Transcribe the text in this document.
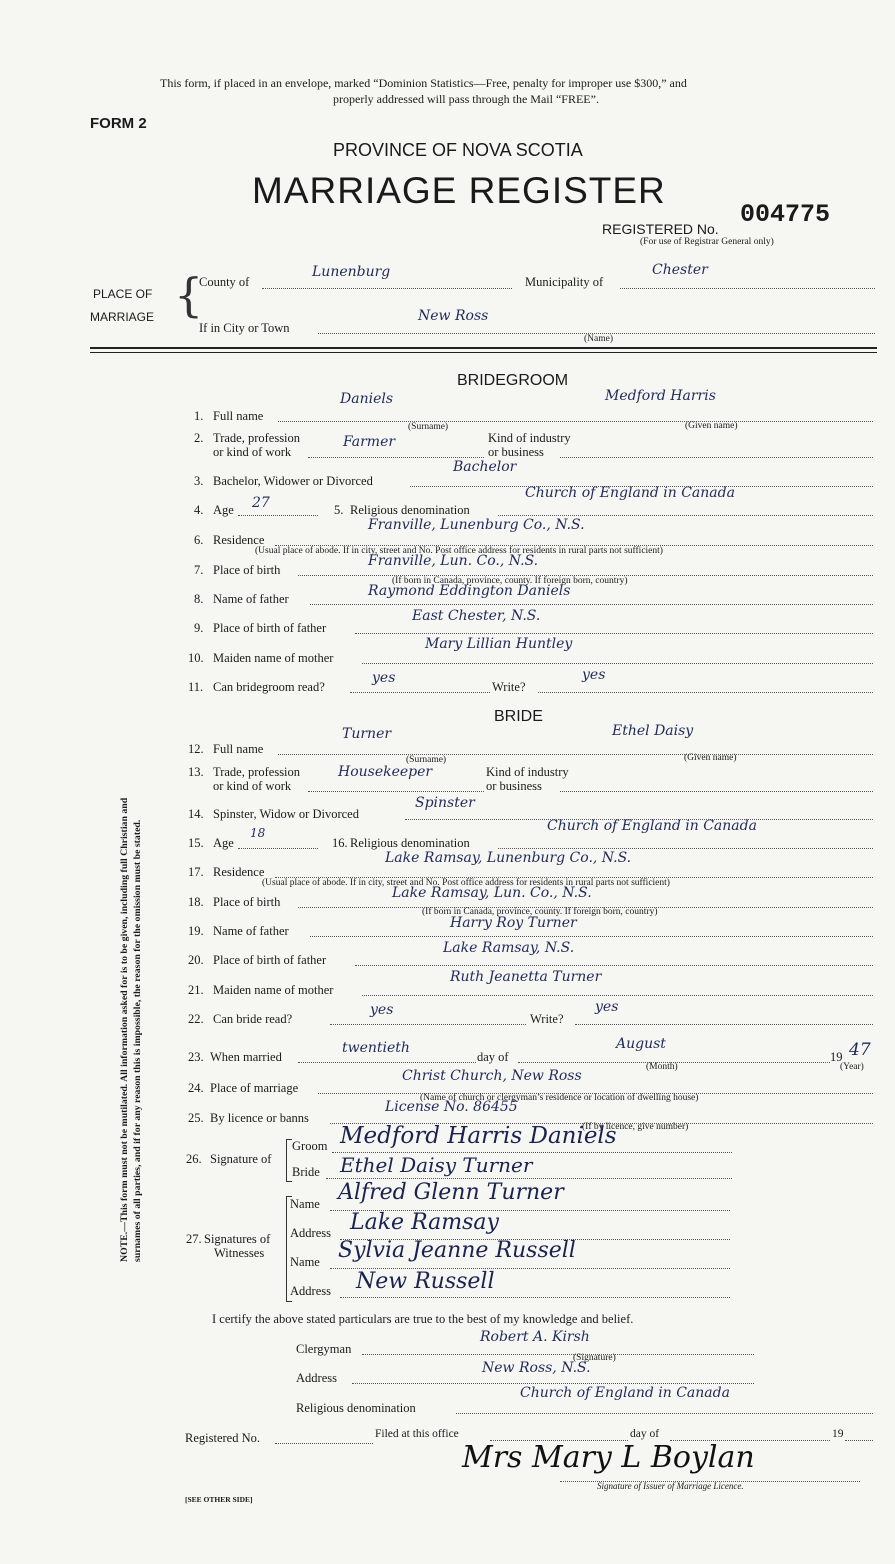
This form, if placed in an envelope, marked “Dominion Statistics—Free, penalty for improper use $300,” and
properly addressed will pass through the Mail “FREE”.
FORM 2
PROVINCE OF NOVA SCOTIA
MARRIAGE REGISTER
REGISTERED No. 004775
(For use of Registrar General only)
PLACE OF
MARRIAGE {
County of
Lunenburg
Municipality of
Chester
If in City or Town
New Ross
(Name)
BRIDEGROOM
1. Full name
Daniels	Medford Harris
(Surname)	(Given name)
2. Trade, profession
or kind of work
Farmer	Kind of industry
or business
3. Bachelor, Widower or Divorced
Bachelor
4. Age 27	5. Religious denomination
Church of England in Canada
6. Residence
Franville, Lunenburg Co., N.S.
(Usual place of abode. If in city, street and No. Post office address for residents in rural parts not sufficient)
7. Place of birth
Franville, Lun. Co., N.S.
(If born in Canada, province, county. If foreign born, country)
8. Name of father	Raymond Eddington Daniels
9. Place of birth of father
East Chester, N.S.
10. Maiden name of mother
Mary Lillian Huntley
11. Can bridegroom read?
yes
Write?
yes
BRIDE
12. Full name
Turner	Ethel Daisy
(Surname)	(Given name)
13. Trade, profession
or kind of work
Housekeeper	Kind of industry
or business
14. Spinster, Widow or Divorced
Spinster
15. Age
18
16. Religious denomination
Church of England in Canada
17. Residence
Lake Ramsay, Lunenburg Co., N.S.
(Usual place of abode. If in city, street and No. Post office address for residents in rural parts not sufficient)
18. Place of birth
Lake Ramsay, Lun. Co., N.S.
(If born in Canada, province, county. If foreign born, country)
19. Name of father	Harry Roy Turner
20. Place of birth of father
Lake Ramsay, N.S.
21. Maiden name of mother
Ruth Jeanetta Turner
22. Can bride read?
yes
Write?
yes
23. When married
twentieth
day of
August
(Month)
19 47
(Year)
24. Place of marriage
Christ Church, New Ross
(Name of church or clergyman’s residence or location of dwelling house)
25. By licence or banns
License No. 86455
(If by licence, give number)
26. Signature of
Groom Medford Harris Daniels
Bride Ethel Daisy Turner
27. Signatures of
Witnesses
Name Alfred Glenn Turner
Address Lake Ramsay
Name Sylvia Jeanne Russell
Address New Russell
I certify the above stated particulars are true to the best of my knowledge and belief.
Clergyman
Robert A. Kirsh
(Signature)
Address
New Ross, N.S.
Religious denomination
Church of England in Canada
Registered No.	Filed at this office	day of	19
Mrs Mary L Boylan
Signature of Issuer of Marriage Licence.
[SEE OTHER SIDE]
NOTE.—This form must not be mutilated. All information asked for is to be given, including full Christian and surnames of all parties, and if for any reason this is impossible, the reason for the omission must be stated.
